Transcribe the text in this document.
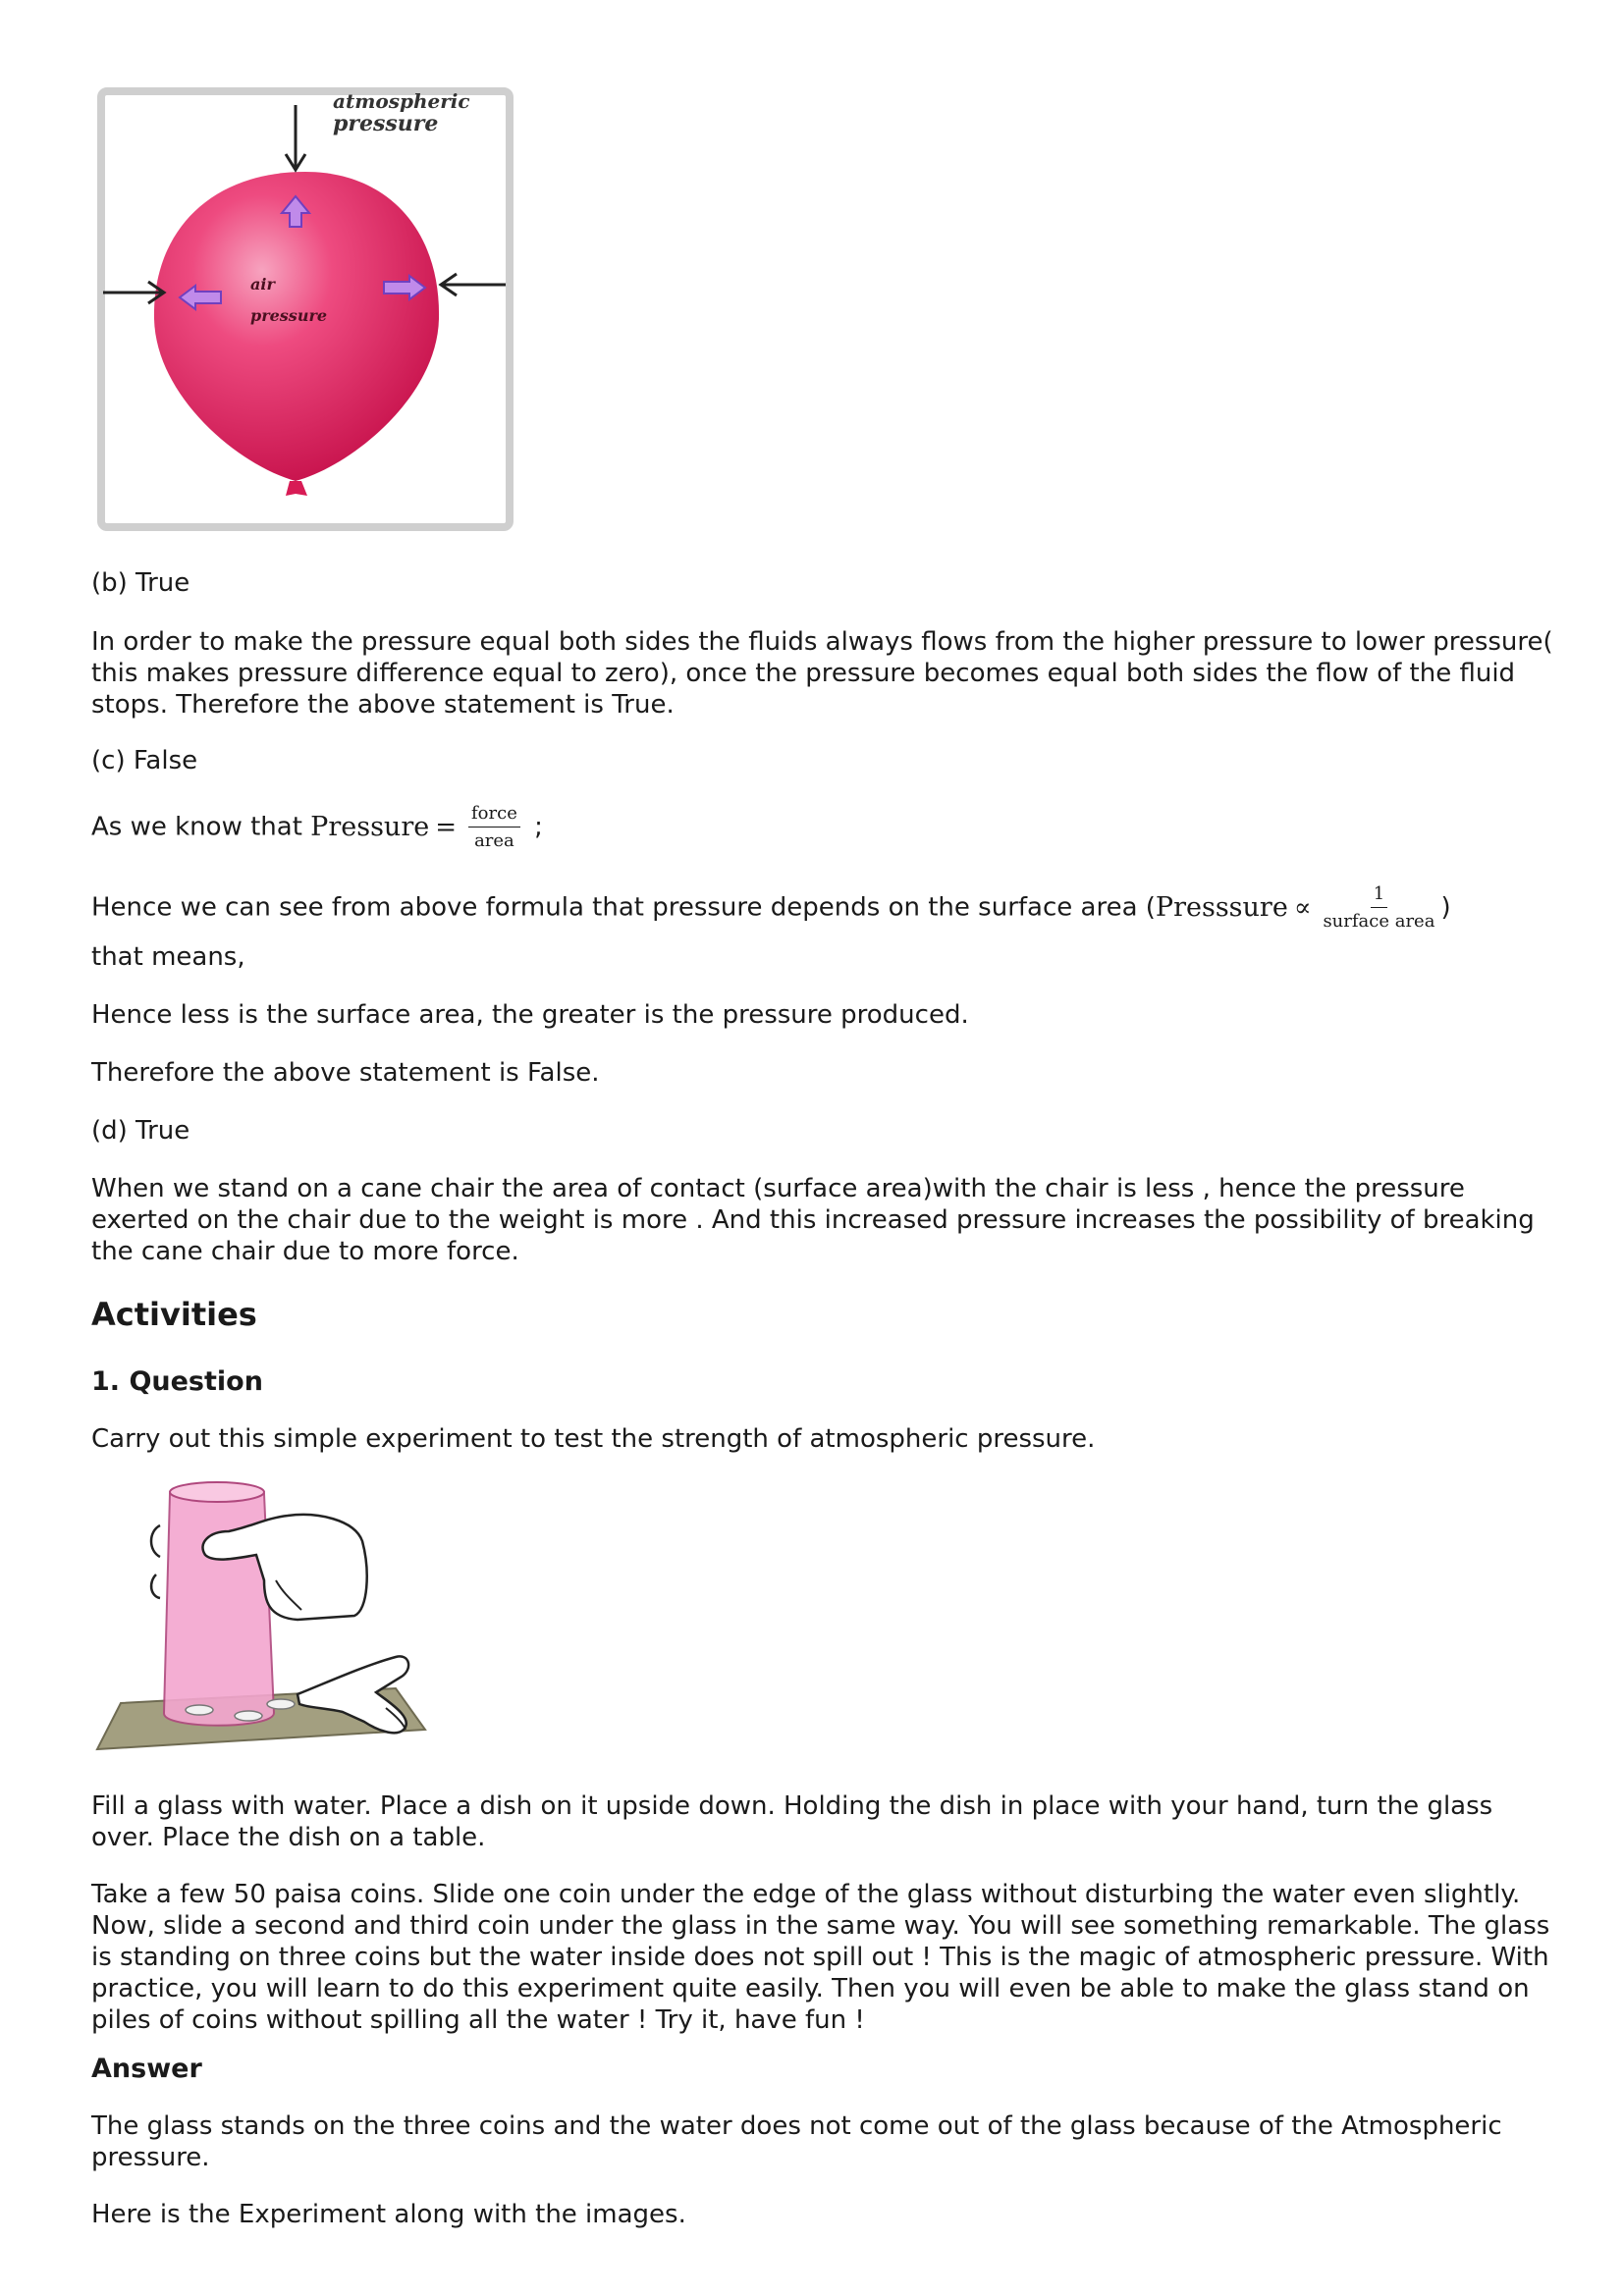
atmospheric
pressure
air
pressure

(b) True

In order to make the pressure equal both sides the fluids always flows from the higher pressure to lower pressure( this makes pressure difference equal to zero), once the pressure becomes equal both sides the flow of the fluid stops. Therefore the above statement is True.

(c) False

As we know that Pressure = $\frac{\text{force}}{\text{area}}$ ;

Hence we can see from above formula that pressure depends on the surface area ( Presssure ∝ $\frac{1}{\text{surface area}}$ )

that means,

Hence less is the surface area, the greater is the pressure produced.

Therefore the above statement is False.

(d) True

When we stand on a cane chair the area of contact (surface area)with the chair is less , hence the pressure exerted on the chair due to the weight is more . And this increased pressure increases the possibility of breaking the cane chair due to more force.

Activities
1. Question

Carry out this simple experiment to test the strength of atmospheric pressure.

Fill a glass with water. Place a dish on it upside down. Holding the dish in place with your hand, turn the glass over. Place the dish on a table.

Take a few 50 paisa coins. Slide one coin under the edge of the glass without disturbing the water even slightly. Now, slide a second and third coin under the glass in the same way. You will see something remarkable. The glass is standing on three coins but the water inside does not spill out ! This is the magic of atmospheric pressure. With practice, you will learn to do this experiment quite easily. Then you will even be able to make the glass stand on piles of coins without spilling all the water ! Try it, have fun !

Answer

The glass stands on the three coins and the water does not come out of the glass because of the Atmospheric pressure.

Here is the Experiment along with the images.
